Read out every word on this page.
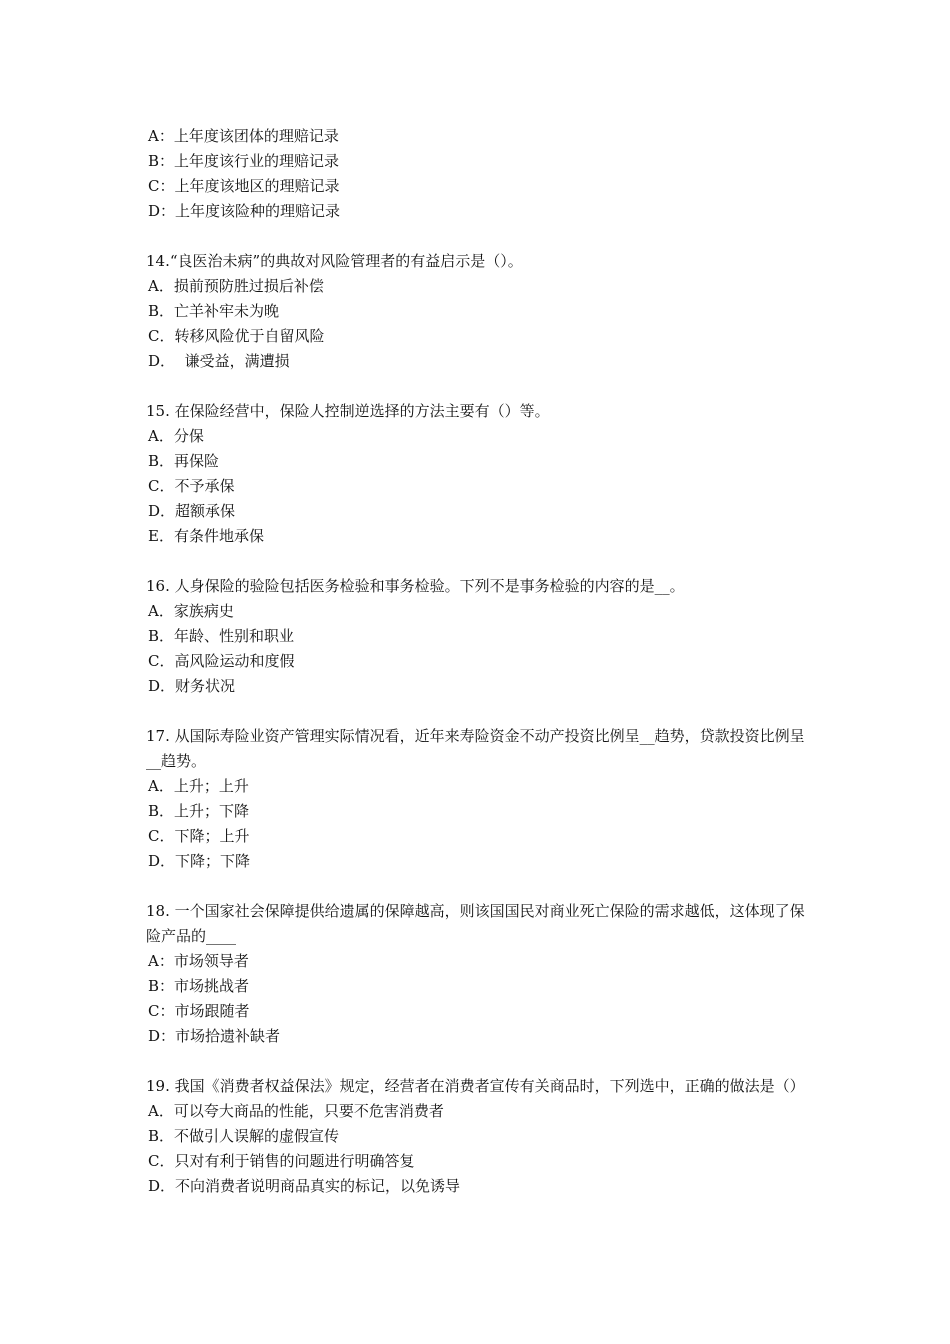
A：上年度该团体的理赔记录
B：上年度该行业的理赔记录
C：上年度该地区的理赔记录
D：上年度该险种的理赔记录
14.“良医治未病”的典故对风险管理者的有益启示是（）。
A．损前预防胜过损后补偿
B．亡羊补牢未为晚
C．转移风险优于自留风险
D．  谦受益，满遭损
15. 在保险经营中，保险人控制逆选择的方法主要有（）等。
A．分保
B．再保险
C．不予承保
D．超额承保
E．有条件地承保
16. 人身保险的验险包括医务检验和事务检验。下列不是事务检验的内容的是__。
A．家族病史
B．年龄、性别和职业
C．高风险运动和度假
D．财务状况
17. 从国际寿险业资产管理实际情况看，近年来寿险资金不动产投资比例呈__趋势，贷款投资比例呈__趋势。
A．上升；上升
B．上升；下降
C．下降；上升
D．下降；下降
18. 一个国家社会保障提供给遗属的保障越高，则该国国民对商业死亡保险的需求越低，这体现了保险产品的____
A：市场领导者
B：市场挑战者
C：市场跟随者
D：市场拾遗补缺者
19. 我国《消费者权益保法》规定，经营者在消费者宣传有关商品时，下列选中，正确的做法是（）
A．可以夸大商品的性能，只要不危害消费者
B．不做引人误解的虚假宣传
C．只对有利于销售的问题进行明确答复
D．不向消费者说明商品真实的标记，以免诱导
